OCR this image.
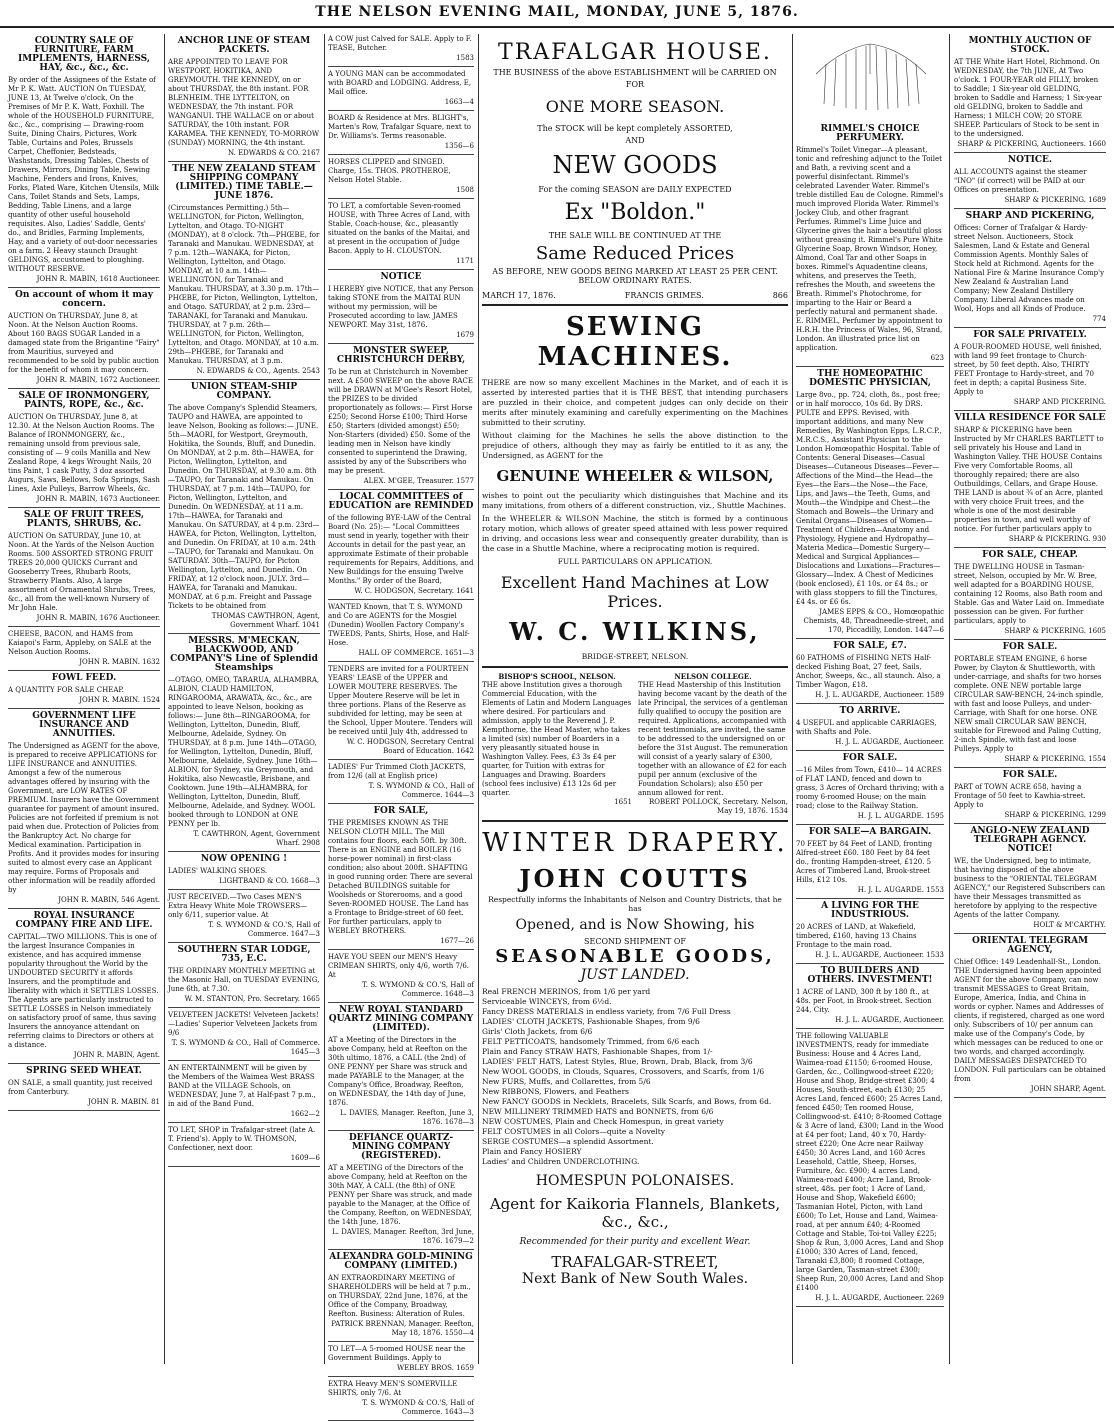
THE NELSON EVENING MAIL, MONDAY, JUNE 5, 1876.
COUNTRY SALE OF FURNITURE, FARM IMPLEMENTS, HARNESS, HAY, &c., &c., &c.

By order of the Assignees of the Estate of Mr P. K. Watt. AUCTION On TUESDAY, JUNE 13, At Twelve o'clock, On the Premises of Mr P. K. Watt, Foxhill. The whole of the HOUSEHOLD FURNITURE, &c., &c., comprising — Drawing-room Suite, Dining Chairs, Pictures, Work Table, Curtains and Poles, Brussels Carpet, Cheffonier, Bedsteads, Washstands, Dressing Tables, Chests of Drawers, Mirrors, Dining Table, Sewing Machine, Fenders and Irons, Knives, Forks, Plated Ware, Kitchen Utensils, Milk Cans, Toilet Stands and Sets, Lamps, Bedding, Table Linens, and a large quantity of other useful household requisites. Also, Ladies' Saddle, Gents' do., and Bridles, Farming Implements, Hay, and a variety of out-door necessaries on a farm. 2 Heavy staunch Draught GELDINGS, accustomed to ploughing. WITHOUT RESERVE.

JOHN R. MABIN, 1618 Auctioneer.
On account of whom it may concern.

AUCTION On THURSDAY, June 8, at Noon. At the Nelson Auction Rooms. About 160 BAGS SUGAR Landed in a damaged state from the Brigantine "Fairy" from Mauritius, surveyed and recommended to be sold by public auction for the benefit of whom it may concern.

JOHN R. MABIN, 1672 Auctioneer.
SALE OF IRONMONGERY, PAINTS, ROPE, &c., &c.

AUCTION On THURSDAY, June 8, at 12.30. At the Nelson Auction Rooms. The Balance of IRONMONGERY, &c., remaining unsold from previous sale, consisting of — 9 coils Manilla and New Zealand Rope, 4 kegs Wrought Nails, 20 tins Paint, 1 cask Putty, 3 doz assorted Augurs, Saws, Bellows, Sofa Springs, Sash Lines, Axle Pulleys, Barrow Wheels, &c.

JOHN R. MABIN, 1673 Auctioneer.
SALE OF FRUIT TREES, PLANTS, SHRUBS, &c.

AUCTION On SATURDAY, June 10, at Noon. At the Yards of the Nelson Auction Rooms. 500 ASSORTED STRONG FRUIT TREES 20,000 QUICKS Currant and Gooseberry Trees, Rhubarb Roots, Strawberry Plants. Also, A large assortment of Ornamental Shrubs, Trees, &c., all from the well-known Nursery of Mr John Hale.

JOHN R. MABIN, 1676 Auctioneer.

CHEESE, BACON, and HAMS from Kaiapoi's Farm, Appleby, on SALE at the Nelson Auction Rooms.

JOHN R. MABIN. 1632
FOWL FEED.

A QUANTITY FOR SALE CHEAP.

JOHN R. MABIN. 1524
GOVERNMENT LIFE INSURANCE AND ANNUITIES.

The Undersigned as AGENT for the above, is prepared to receive APPLICATIONS for LIFE INSURANCE and ANNUITIES. Amongst a few of the numerous advantages offered by insuring with the Government, are LOW RATES OF PREMIUM. Insurers have the Government guarantee for payment of amount insured. Policies are not forfeited if premium is not paid when due. Protection of Policies from the Bankruptcy Act. No charge for Medical examination. Participation in Profits. And it provides modes for insuring suited to almost every case an Applicant may require. Forms of Proposals and other information will be readily afforded by

JOHN R. MABIN, 546 Agent.
ROYAL INSURANCE COMPANY FIRE AND LIFE.

CAPITAL—TWO MILLIONS. This is one of the largest Insurance Companies in existence, and has acquired immense popularity throughout the World by the UNDOUBTED SECURITY it affords Insurers, and the promptitude and liberality with which it SETTLES LOSSES. The Agents are particularly instructed to SETTLE LOSSES in Nelson immediately on satisfactory proof of same, thus saving Insurers the annoyance attendant on referring claims to Directors or others at a distance.

JOHN R. MABIN, Agent.
SPRING SEED WHEAT.

ON SALE, a small quantity, just received from Canterbury.

JOHN R. MABIN. 81
ANCHOR LINE OF STEAM PACKETS.

ARE APPOINTED TO LEAVE FOR WESTPORT, HOKITIKA, AND GREYMOUTH. THE KENNEDY, on or about THURSDAY, the 8th instant. FOR BLENHEIM. THE LYTTELTON, on WEDNESDAY, the 7th instant. FOR WANGANUI. THE WALLACE on or about SATURDAY, the 10th instant. FOR KARAMEA. THE KENNEDY, TO-MORROW (SUNDAY) MORNING, the 4th instant.

N. EDWARDS & CO. 2167
THE NEW ZEALAND STEAM SHIPPING COMPANY (LIMITED.) TIME TABLE.—JUNE 1876.

(Circumstances Permitting.) 5th—WELLINGTON, for Picton, Wellington, Lyttelton, and Otago. TO-NIGHT (MONDAY), at 8 o'clock. 7th—PHŒBE, for Taranaki and Manukau. WEDNESDAY, at 7 p.m. 12th—WANAKA, for Picton, Wellington, Lyttelton, and Otago. MONDAY, at 10 a.m. 14th—WELLINGTON, for Taranaki and Manukau. THURSDAY, at 3.30 p.m. 17th—PHŒBE, for Picton, Wellington, Lyttelton, and Otago. SATURDAY, at 2 p.m. 23rd—TARANAKI, for Taranaki and Manukau. THURSDAY, at 7 p.m. 26th—WELLINGTON, for Picton, Wellington, Lyttelton, and Otago. MONDAY, at 10 a.m. 29th—PHŒBE, for Taranaki and Manukau. THURSDAY, at 3 p.m.

N. EDWARDS & CO., Agents. 2543
UNION STEAM-SHIP COMPANY.

The above Company's Splendid Steamers, TAUPO and HAWEA, are appointed to leave Nelson, Booking as follows:— JUNE. 5th—MAORI, for Westport, Greymouth, Hokitika, the Sounds, Bluff, and Dunedin. On MONDAY, at 2 p.m. 8th—HAWEA, for Picton, Wellington, Lyttelton, and Dunedin. On THURSDAY, at 9.30 a.m. 8th—TAUPO, for Taranaki and Manukau. On THURSDAY, at 7 p.m. 14th—TAUPO, for Picton, Wellington, Lyttelton, and Dunedin. On WEDNESDAY, at 11 a.m. 17th—HAWEA, for Taranaki and Manukau. On SATURDAY, at 4 p.m. 23rd—HAWEA, for Picton, Wellington, Lyttelton, and Dunedin. On FRIDAY, at 10 a.m. 24th—TAUPO, for Taranaki and Manukau. On SATURDAY. 30th—TAUPO, for Picton Wellington, Lyttelton, and Dunedin. On FRIDAY, at 12 o'clock noon. JULY. 3rd—HAWEA, for Taranaki and Manukau. MONDAY, at 6 p.m. Freight and Passage Tickets to be obtained from

THOMAS CAWTHRON, Agent, Government Wharf. 1041
MESSRS. M'MECKAN, BLACKWOOD, AND COMPANY'S Line of Splendid Steamships

—OTAGO, OMEO, TARARUA, ALHAMBRA, ALBION, CLAUD HAMILTON, RINGAROOMA, ARAWATA, &c., &c., are appointed to leave Nelson, booking as follows:— June 8th—RINGAROOMA, for Wellington, Lyttelton, Dunedin, Bluff, Melbourne, Adelaide, Sydney. On THURSDAY, at 8 p.m. June 14th—OTAGO, for Wellington, Lyttelton, Dunedin, Bluff, Melbourne, Adelaide, Sydney. June 16th—ALBION, for Sydney, via Greymouth, and Hokitika, also Newcastle, Brisbane, and Cooktown. June 19th—ALHAMBRA, for Wellington, Lyttelton, Dunedin, Bluff, Melbourne, Adelaide, and Sydney. WOOL booked through to LONDON at ONE PENNY per lb.

T. CAWTHRON, Agent, Government Wharf. 2908
NOW OPENING !

LADIES' WALKING SHOES.

LIGHTBAND & CO. 1668—3

JUST RECEIVED.—Two Cases MEN'S Extra Heavy White Mole TROWSERS—only 6/11, superior value. At

T. S. WYMOND & CO.'S, Hall of Commerce. 1647—3
SOUTHERN STAR LODGE, 735, E.C.

THE ORDINARY MONTHLY MEETING at the Masonic Hall, on TUESDAY EVENING, June 6th, at 7.30.

W. M. STANTON, Pro. Secretary. 1665

VELVETEEN JACKETS! Velveteen Jackets!—Ladies' Superior Velveteen Jackets from 9/6

T. S. WYMOND & CO., Hall of Commerce. 1645—3

AN ENTERTAINMENT will be given by the Members of the Waimea West BRASS BAND at the VILLAGE Schools, on WEDNESDAY, June 7, at Half-past 7 p.m., in aid of the Band Fund.

1662—2

TO LET, SHOP in Trafalgar-street (late A. T. Friend's). Apply to W. THOMSON, Confectioner, next door.

1609—6

A COW just Calved for SALE. Apply to F. TEASE, Butcher.

1583

A YOUNG MAN can be accommodated with BOARD and LODGING. Address, E, Mail office.

1663—4

BOARD & Residence at Mrs. BLIGHT's, Marten's Row, Trafalgar Square, next to Dr. Williams's. Terms reasonable.

1356—6

HORSES CLIPPED and SINGED. Charge, 15s. THOS. PROTHEROE, Nelson Hotel Stable.

1508

TO LET, a comfortable Seven-roomed HOUSE, with Three Acres of Land, with Stable, Coach-house, &c., pleasantly situated on the banks of the Maitai, and at present in the occupation of Judge Bacon. Apply to H. CLOUSTON.

1171
NOTICE

I HEREBY give NOTICE, that any Person taking STONE from the MAITAI RUN without my permission, will be Prosecuted according to law. JAMES NEWPORT. May 31st, 1876.

1679
MONSTER SWEEP, CHRISTCHURCH DERBY,

To be run at Christchurch in November next. A £500 SWEEP on the above RACE will be DRAWN at M'Gee's Resort Hotel, the PRIZES to be divided proportionately as follows:— First Horse £250; Second Horse £100; Third Horse £50; Starters (divided amongst) £50; Non-Starters (divided) £50. Some of the leading men in Nelson have kindly consented to superintend the Drawing, assisted by any of the Subscribers who may be present.

ALEX. M'GEE, Treasurer. 1577
LOCAL COMMITTEES of EDUCATION are REMINDED

of the following BYE-LAW of the Central Board (No. 25):— "Local Committees must send in yearly, together with their Accounts in detail for the past year, an approximate Estimate of their probable requirements for Repairs, Additions, and New Buildings for the ensuing Twelve Months." By order of the Board,

W. C. HODGSON, Secretary. 1641

WANTED Known, that T. S. WYMOND and Co are AGENTS for the Mosgiel (Dunedin) Woollen Factory Company's TWEEDS, Pants, Shirts, Hose, and Half-Hose.

HALL OF COMMERCE. 1651—3

TENDERS are invited for a FOURTEEN YEARS' LEASE of the UPPER and LOWER MOUTERE RESERVES. The Upper Moutere Reserve will be let in three portions. Plans of the Reserve as subdivided for letting, may be seen at the School, Upper Moutere. Tenders will be received until July 4th, addressed to

W. C. HODGSON, Secretary Central Board of Education. 1642

LADIES' Fur Trimmed Cloth JACKETS, from 12/6 (all at English price)

T. S. WYMOND & CO., Hall of Commerce. 1644—3
FOR SALE,

THE PREMISES KNOWN AS THE NELSON CLOTH MILL. The Mill contains four floors, each 50ft. by 30ft. There is an ENGINE and BOILER (16 horse-power nominal) in first-class condition; also about 200ft. SHAFTING in good running order. There are several Detached BUILDINGS suitable for Woolsheds or Storerooms, and a good Seven-ROOMED HOUSE. The Land has a Frontage to Bridge-street of 60 feet. For further particulars, apply to WEBLEY BROTHERS.

1677—26

HAVE YOU SEEN our MEN'S Heavy CRIMEAN SHIRTS, only 4/6, worth 7/6. At

T. S. WYMOND & CO.'S, Hall of Commerce. 1648—3
NEW ROYAL STANDARD QUARTZ MINING COMPANY (LIMITED).

AT a Meeting of the Directors in the above Company, held at Reefton on the 30th ultimo, 1876, a CALL (the 2nd) of ONE PENNY per Share was struck and made PAYABLE to the Manager, at the Company's Office, Broadway, Reefton, on WEDNESDAY, the 14th day of June, 1876.

L. DAVIES, Manager. Reefton, June 3, 1876. 1678—3
DEFIANCE QUARTZ-MINING COMPANY (REGISTERED).

AT a MEETING of the Directors of the above Company, held at Reefton on the 30th MAY, A CALL (the 8th) of ONE PENNY per Share was struck, and made payable to the Manager, at the Office of the Company, Reefton, on WEDNESDAY, the 14th June, 1876.

L. DAVIES, Manager. Reefton, 3rd June, 1876. 1679—2
ALEXANDRA GOLD-MINING COMPANY (LIMITED.)

AN EXTRAORDINARY MEETING of SHAREHOLDERS will be held at 7 p.m., on THURSDAY, 22nd June, 1876, at the Office of the Company, Broadway, Reefton. Business: Alteration of Rules.

PATRICK BRENNAN, Manager. Reefton, May 18, 1876. 1550—4

TO LET—A 5-roomed HOUSE near the Government Buildings. Apply to

WEBLEY BROS. 1659

EXTRA Heavy MEN'S SOMERVILLE SHIRTS, only 7/6. At

T. S. WYMOND & CO.'S, Hall of Commerce. 1643—3
TRAFALGAR HOUSE.

THE BUSINESS of the above ESTABLISHMENT will be CARRIED ON

FOR

ONE MORE SEASON.

The STOCK will be kept completely ASSORTED,

AND

NEW GOODS

For the coming SEASON are DAILY EXPECTED

Ex "Boldon."

THE SALE WILL BE CONTINUED AT THE

Same Reduced Prices

AS BEFORE, NEW GOODS BEING MARKED AT LEAST 25 PER CENT. BELOW ORDINARY RATES.

MARCH 17, 1876.	FRANCIS GRIMES.	866
SEWING MACHINES.

THERE are now so many excellent Machines in the Market, and of each it is asserted by interested parties that it is THE BEST, that intending purchasers are puzzled in their choice, and competent judges can only decide on their merits after minutely examining and carefully experimenting on the Machines submitted to their scrutiny.

Without claiming for the Machines he sells the above distinction to the prejudice of others, although they may as fairly be entitled to it as any, the Undersigned, as AGENT for the

GENUINE WHEELER & WILSON,

wishes to point out the peculiarity which distinguishes that Machine and its many imitations, from others of a different construction, viz., Shuttle Machines.

In the WHEELER & WILSON Machine, the stitch is formed by a continuous rotary motion, which allows of greater speed attained with less power required in driving, and occasions less wear and consequently greater durability, than is the case in a Shuttle Machine, where a reciprocating motion is required.

FULL PARTICULARS ON APPLICATION.

Excellent Hand Machines at Low Prices.
W. C. WILKINS,

BRIDGE-STREET, NELSON.

BISHOP'S SCHOOL, NELSON.
THE above Institution gives a thorough Commercial Education, with the Elements of Latin and Modern Languages where desired. For particulars and admission, apply to the Reverend J. P. Kempthorne, the Head Master, who takes a limited (six) number of Boarders in a very pleasantly situated house in Washington Valley. Fees, £3 3s £4 per quarter, for Tuition with extras for Languages and Drawing. Boarders (school fees inclusive) £13 12s 6d per quarter.
1651
NELSON COLLEGE.
THE Head Mastership of this Institution having become vacant by the death of the late Principal, the services of a gentleman fully qualified to occupy the position are required. Applications, accompanied with recent testimonials, are invited, the same to be addressed to the undersigned on or before the 31st August. The remuneration will consist of a yearly salary of £300, together with an allowance of £2 for each pupil per annum (exclusive of the Foundation Scholars); also £50 per annum allowed for rent.
ROBERT POLLOCK, Secretary. Nelson, May 19, 1876. 1534
WINTER DRAPERY.
JOHN COUTTS

Respectfully informs the Inhabitants of Nelson and Country Districts, that he has

Opened, and is Now Showing, his

SECOND SHIPMENT OF

SEASONABLE GOODS,
JUST LANDED.
Real FRENCH MERINOS, from 1/6 per yard
Serviceable WINCEYS, from 6½d.
Fancy DRESS MATERIALS in endless variety, from 7/6 Full Dress
LADIES' CLOTH JACKETS, Fashionable Shapes, from 9/6
Girls' Cloth Jackets, from 6/6
FELT PETTICOATS, handsomely Trimmed, from 6/6 each
Plain and Fancy STRAW HATS, Fashionable Shapes, from 1/-
LADIES' FELT HATS, Latest Styles, Blue, Brown, Drab, Black, from 3/6
New WOOL GOODS, in Clouds, Squares, Crossovers, and Scarfs, from 1/6
New FURS, Muffs, and Collarettes, from 5/6
New RIBBONS, Flowers, and Feathers
New FANCY GOODS in Necklets, Bracelets, Silk Scarfs, and Bows, from 6d.
NEW MILLINERY TRIMMED HATS and BONNETS, from 6/6
NEW COSTUMES, Plain and Check Homespun, in great variety
FELT COSTUMES in all Colors—quite a Novelty
SERGE COSTUMES—a splendid Assortment.
Plain and Fancy HOSIERY
Ladies' and Children UNDERCLOTHING.
HOMESPUN POLONAISES.
Agent for Kaikoria Flannels, Blankets, &c., &c.,
Recommended for their purity and excellent Wear.
TRAFALGAR-STREET,
Next Bank of New South Wales.
RIMMEL'S CHOICE PERFUMERY.

Rimmel's Toilet Vinegar—A pleasant, tonic and refreshing adjunct to the Toilet and Bath, a reviving scent and a powerful disinfectant. Rimmel's celebrated Lavender Water. Rimmel's treble distilled Eau de Cologne. Rimmel's much improved Florida Water. Rimmel's Jockey Club, and other fragrant Perfumes. Rimmel's Lime Juice and Glycerine gives the hair a beautiful gloss without greasing it. Rimmel's Pure White Glycerine Soap, Brown Windsor, Honey, Almond, Coal Tar and other Soaps in boxes. Rimmel's Aquadentine cleans, whitens, and preserves the Teeth, refreshes the Mouth, and sweetens the Breath. Rimmel's Photochrome, for imparting to the Hair or Beard a perfectly natural and permanent shade. E. RIMMEL, Perfumer by appointment to H.R.H. the Princess of Wales, 96, Strand, London. An illustrated price list on application.

623
THE HOMEOPATHIC DOMESTIC PHYSICIAN,

Large 8vo., pp. 724, cloth, 8s., post free; or in half morocco, 10s 6d. By DRS. PULTE and EPPS. Revised, with important additions, and many New Remedies, By Washington Epps, L.R.C.P., M.R.C.S., Assistant Physician to the London Homœopathic Hospital. Table of Contents: General Diseases—Casual Diseases—Cutaneous Diseases—Fever—Affections of the Mind—the Head—the Eyes—the Ears—the Nose—the Face, Lips, and Jaws—the Teeth, Gums, and Mouth—the Windpipe and Chest—the Stomach and Bowels—the Urinary and Genital Organs—Diseases of Women—Treatment of Children—Anatomy and Physiology, Hygiene and Hydropathy—Materia Medica—Domestic Surgery—Medical and Surgical Appliances—Dislocations and Luxations—Fractures—Glossary—Index. A Chest of Medicines (book enclosed), £1 10s. or £4 8s.; or with glass stoppers to fill the Tinctures, £4 4s. or £6 6s.

JAMES EPPS & CO., Homœopathic Chemists, 48, Threadneedle-street, and 170, Piccadilly, London. 1447—6
FOR SALE, £7.

60 FATHOMS of FISHING NETS Half-decked Fishing Boat, 27 feet, Sails, Anchor, Sweeps, &c., all staunch. Also, a Timber Wagon, £18.

H. J. L. AUGARDE, Auctioneer. 1589
TO ARRIVE.

4 USEFUL and applicable CARRIAGES, with Shafts and Pole.

H. J. L. AUGARDE, Auctioneer.
FOR SALE.

—16 Miles from Town, £410— 14 ACRES of FLAT LAND, fenced and down to grass, 3 Acres of Orchard thriving; with a roomy 6-roomed House; on the main road; close to the Railway Station.

H. J. L. AUGARDE. 1595
FOR SALE—A BARGAIN.

70 FEET by 84 Feet of LAND, fronting Alfred-street £60. 180 Feet by 84 feet do., fronting Hampden-street, £120. 5 Acres of Timbered Land, Brook-street Hills, £12 10s.

H. J. L. AUGARDE. 1553
A LIVING FOR THE INDUSTRIOUS.

20 ACRES of LAND, at Wakefield, timbered, £160, having 13 Chains Frontage to the main road.

H. J. L. AUGARDE, Auctioneer. 1533
TO BUILDERS AND OTHERS. INVESTMENT!

1 ACRE of LAND, 300 ft by 180 ft., at 48s. per Foot, in Brook-street. Section 244, City.

H. J. L. AUGARDE, Auctioneer.

THE following VALUABLE INVESTMENTS, ready for immediate Business: House and 4 Acres Land, Waimea-road £1150; 6-roomed House, Garden, &c., Collingwood-street £220; House and Shop, Bridge-street £300; 4 Houses, South-street, each £130; 25 Acres Land, fenced £600; 25 Acres Land, fenced £450; Ten roomed House, Collingwood-st. £410; 8-Roomed Cottage & 3 Acre of land, £300; Land in the Wood at £4 per foot; Land, 40 x 70, Hardy-street £220; One Acre near Railway £450; 30 Acres Land, and 160 Acres Leasehold, Cattle, Sheep, Horses, Furniture, &c. £900; 4 acres Land, Waimea-road £400; Acre Land, Brook-street, 48s. per foot; 1 Acre of Land, House and Shop, Wakefield £600; Tasmanian Hotel, Picton, with Land £600; To Let, House and Land, Waimea-road, at per annum £40; 4-Roomed Cottage and Stable, Toi-toi Valley £225; Shop & Run, 3,000 Acres, Land and Shop £1000; 330 Acres of Land, fenced, Taranaki £3,800; 8 roomed Cottage, large Garden, Tasman-street £300; Sheep Run, 20,000 Acres, Land and Shop £1400

H. J. L. AUGARDE, Auctioneer. 2269
MONTHLY AUCTION OF STOCK.

AT THE White Hart Hotel, Richmond. On WEDNESDAY, the 7th JUNE, At Two o'clock. 1 FOUR-YEAR old FILLY, broken to Saddle; 1 Six-year old GELDING, broken to Saddle and Harness; 1 Six-year old GELDING, broken to Saddle and Harness; 1 MILCH COW; 20 STORE SHEEP. Particulars of Stock to be sent in to the undersigned.

SHARP & PICKERING, Auctioneers. 1660
NOTICE.

ALL ACCOUNTS against the steamer "INO" (if correct) will be PAID at our Offices on presentation.

SHARP & PICKERING. 1689
SHARP AND PICKERING,

Offices: Corner of Trafalgar & Hardy-street Nelson. Auctioneers, Stock Salesmen, Land & Estate and General Commission Agents. Monthly Sales of Stock held at Richmond. Agents for the National Fire & Marine Insurance Comp'y New Zealand & Australian Land Company; New Zealand Distillery Company. Liberal Advances made on Wool, Hops and all Kinds of Produce.

774
FOR SALE PRIVATELY.

A FOUR-ROOMED HOUSE, well finished, with land 99 feet frontage to Church-street, by 50 feet depth. Also, THIRTY FEET Frontage to Hardy-street, and 70 feet in depth; a capital Business Site. Apply to

SHARP AND PICKERING.
VILLA RESIDENCE FOR SALE

SHARP & PICKERING have been Instructed by Mr CHARLES BARTLETT to sell privately his House and Land in Washington Valley. THE HOUSE Contains Five very Comfortable Rooms, all thoroughly repaired; there are also Outbuildings, Cellars, and Grape House. THE LAND is about ¾ of an Acre, planted with very choice Fruit trees, and the whole is one of the most desirable properties in town, and well worthy of notice. For further particulars apply to

SHARP & PICKERING. 930
FOR SALE, CHEAP.

THE DWELLING HOUSE in Tasman-street, Nelson, occupied by Mr. W. Bree, well adapted for a BOARDING HOUSE, containing 12 Rooms, also Bath room and Stable. Gas and Water Laid on. Immediate possession can be given. For further particulars, apply to

SHARP & PICKERING. 1605
FOR SALE.

PORTABLE STEAM ENGINE, 6 horse Power, by Clayton & Shuttleworth, with under-carriage, and shafts for two horses complete. ONE NEW portable large CIRCULAR SAW-BENCH, 24-inch spindle, with fast and loose Pulleys, and under-Carriage, with Shaft for one horse. ONE NEW small CIRCULAR SAW BENCH, suitable for Firewood and Paling Cutting, 2-inch Spindle, with fast and loose Pulleys. Apply to

SHARP & PICKERING. 1554
FOR SALE.

PART of TOWN ACRE 658, having a Frontage of 50 feet to Kawhia-street. Apply to

SHARP & PICKERING. 1299
ANGLO-NEW ZEALAND TELEGRAPH AGENCY. NOTICE!

WE, the Undersigned, beg to intimate, that having disposed of the above business to the "ORIENTAL TELEGRAM AGENCY," our Registered Subscribers can have their Messages transmitted as heretofore by applying to the respective Agents of the latter Company.

HOLT & M'CARTHY.
ORIENTAL TELEGRAM AGENCY,

Chief Office: 149 Leadenhall-St., London. THE Undersigned having been appointed AGENT for the above Company, can now transmit MESSAGES to Great Britain, Europe, America, India, and China in words or cypher. Names and Addresses of clients, if registered, charged as one word only. Subscribers of 10/ per annum can make use of the Company's Code, by which messages can be reduced to one or two words, and charged accordingly. DAILY MESSAGES DESPATCHED TO LONDON. Full particulars can be obtained from

JOHN SHARP, Agent.
